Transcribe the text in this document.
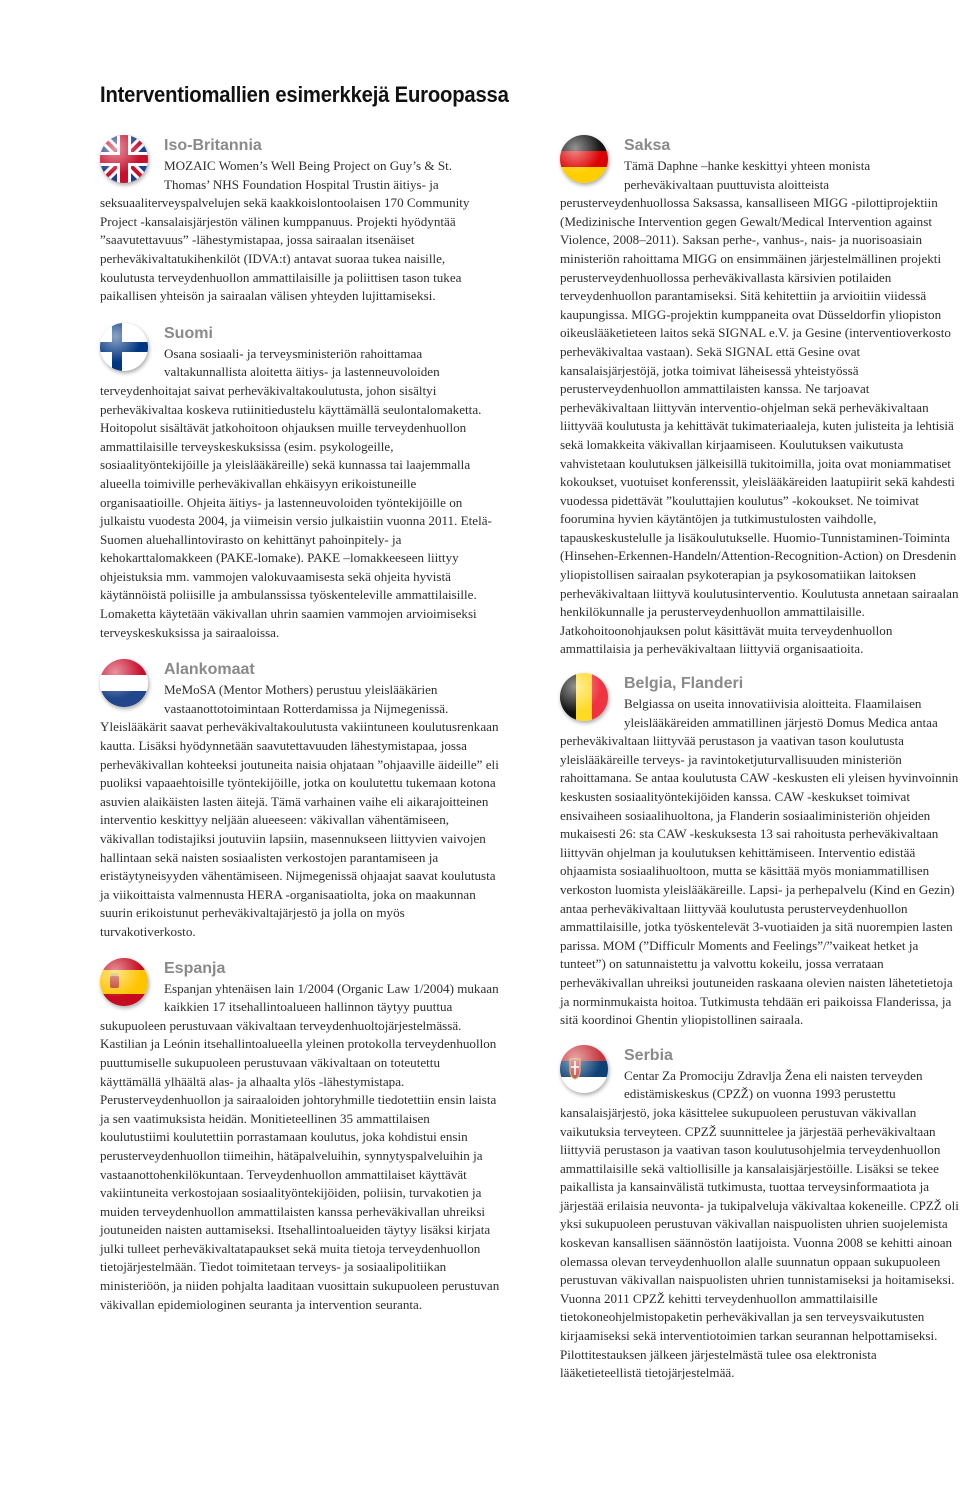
Interventiomallien esimerkkejä Euroopassa
Iso-Britannia

MOZAIC Women’s Well Being Project on Guy’s & St. Thomas’ NHS Foundation Hospital Trustin äitiys- ja seksuaaliterveyspalvelujen sekä kaakkoislontoolaisen 170 Community Project -kansalaisjärjestön välinen kumppanuus. Projekti hyödyntää ”saavutettavuus” -lähestymistapaa, jossa sairaalan itsenäiset perheväkivaltatukihenkilöt (IDVA:t) antavat suoraa tukea naisille, koulutusta terveydenhuollon ammattilaisille ja poliittisen tason tukea paikallisen yhteisön ja sairaalan välisen yhteyden lujittamiseksi.

Suomi

Osana sosiaali- ja terveysministeriön rahoittamaa valtakunnallista aloitetta äitiys- ja lastenneuvoloiden terveydenhoitajat saivat perheväkivaltakoulutusta, johon sisältyi perheväkivaltaa koskeva rutiinitiedustelu käyttämällä seulontalomaketta. Hoitopolut sisältävät jatkohoitoon ohjauksen muille terveydenhuollon ammattilaisille terveyskeskuksissa (esim. psykologeille, sosiaalityöntekijöille ja yleislääkäreille) sekä kunnassa tai laajemmalla alueella toimiville perheväkivallan ehkäisyyn erikoistuneille organisaatioille. Ohjeita äitiys- ja lastenneuvoloiden työntekijöille on julkaistu vuodesta 2004, ja viimeisin versio julkaistiin vuonna 2011. Etelä-Suomen aluehallintovirasto on kehittänyt pahoinpitely- ja kehokarttalomakkeen (PAKE-lomake). PAKE –lomakkeeseen liittyy ohjeistuksia mm. vammojen valokuvaamisesta sekä ohjeita hyvistä käytännöistä poliisille ja ambulanssissa työskenteleville ammattilaisille. Lomaketta käytetään väkivallan uhrin saamien vammojen arvioimiseksi terveyskeskuksissa ja sairaaloissa.

Alankomaat

MeMoSA (Mentor Mothers) perustuu yleislääkärien vastaanottotoimintaan Rotterdamissa ja Nijmegenissä. Yleislääkärit saavat perheväkivaltakoulutusta vakiintuneen koulutusrenkaan kautta. Lisäksi hyödynnetään saavutettavuuden lähestymistapaa, jossa perheväkivallan kohteeksi joutuneita naisia ohjataan ”ohjaaville äideille” eli puoliksi vapaaehtoisille työntekijöille, jotka on koulutettu tukemaan kotona asuvien alaikäisten lasten äitejä. Tämä varhainen vaihe eli aikarajoitteinen interventio keskittyy neljään alueeseen: väkivallan vähentämiseen, väkivallan todistajiksi joutuviin lapsiin, masennukseen liittyvien vaivojen hallintaan sekä naisten sosiaalisten verkostojen parantamiseen ja eristäytyneisyyden vähentämiseen. Nijmegenissä ohjaajat saavat koulutusta ja viikoittaista valmennusta HERA -organisaatiolta, joka on maakunnan suurin erikoistunut perheväkivaltajärjestö ja jolla on myös turvakotiverkosto.

Espanja

Espanjan yhtenäisen lain 1/2004 (Organic Law 1/2004) mukaan kaikkien 17 itsehallintoalueen hallinnon täytyy puuttua sukupuoleen perustuvaan väkivaltaan terveydenhuoltojärjestelmässä. Kastilian ja Leónin itsehallintoalueella yleinen protokolla terveydenhuollon puuttumiselle sukupuoleen perustuvaan väkivaltaan on toteutettu käyttämällä ylhäältä alas- ja alhaalta ylös -lähestymistapa. Perusterveydenhuollon ja sairaaloiden johtoryhmille tiedotettiin ensin laista ja sen vaatimuksista heidän. Monitieteellinen 35 ammattilaisen koulutustiimi koulutettiin porrastamaan koulutus, joka kohdistui ensin perusterveydenhuollon tiimeihin, hätäpalveluihin, synnytyspalveluihin ja vastaanottohenkilökuntaan. Terveydenhuollon ammattilaiset käyttävät vakiintuneita verkostojaan sosiaalityöntekijöiden, poliisin, turvakotien ja muiden terveydenhuollon ammattilaisten kanssa perheväkivallan uhreiksi joutuneiden naisten auttamiseksi. Itsehallintoalueiden täytyy lisäksi kirjata julki tulleet perheväkivaltatapaukset sekä muita tietoja terveydenhuollon tietojärjestelmään. Tiedot toimitetaan terveys- ja sosiaalipolitiikan ministeriöön, ja niiden pohjalta laaditaan vuosittain sukupuoleen perustuvan väkivallan epidemiologinen seuranta ja intervention seuranta.

Saksa

Tämä Daphne –hanke keskittyi yhteen monista perheväkivaltaan puuttuvista aloitteista perusterveydenhuollossa Saksassa, kansalliseen MIGG -pilottiprojektiin (Medizinische Intervention gegen Gewalt/Medical Intervention against Violence, 2008–2011). Saksan perhe-, vanhus-, nais- ja nuorisoasiain ministeriön rahoittama MIGG on ensimmäinen järjestelmällinen projekti perusterveydenhuollossa perheväkivallasta kärsivien potilaiden terveydenhuollon parantamiseksi. Sitä kehitettiin ja arvioitiin viidessä kaupungissa. MIGG-projektin kumppaneita ovat Düsseldorfin yliopiston oikeuslääketieteen laitos sekä SIGNAL e.V. ja Gesine (interventioverkosto perheväkivaltaa vastaan). Sekä SIGNAL että Gesine ovat kansalaisjärjestöjä, jotka toimivat läheisessä yhteistyössä perusterveydenhuollon ammattilaisten kanssa. Ne tarjoavat perheväkivaltaan liittyvän interventio-ohjelman sekä perheväkivaltaan liittyvää koulutusta ja kehittävät tukimateriaaleja, kuten julisteita ja lehtisiä sekä lomakkeita väkivallan kirjaamiseen. Koulutuksen vaikutusta vahvistetaan koulutuksen jälkeisillä tukitoimilla, joita ovat moniammatiset kokoukset, vuotuiset konferenssit, yleislääkäreiden laatupiirit sekä kahdesti vuodessa pidettävät ”kouluttajien koulutus” -kokoukset. Ne toimivat foorumina hyvien käytäntöjen ja tutkimustulosten vaihdolle, tapauskeskustelulle ja lisäkoulutukselle. Huomio-Tunnistaminen-Toiminta (Hinsehen-Erkennen-Handeln/Attention-Recognition-Action) on Dresdenin yliopistollisen sairaalan psykoterapian ja psykosomatiikan laitoksen perheväkivaltaan liittyvä koulutusinterventio. Koulutusta annetaan sairaalan henkilökunnalle ja perusterveydenhuollon ammattilaisille. Jatkohoitoonohjauksen polut käsittävät muita terveydenhuollon ammattilaisia ja perheväkivaltaan liittyviä organisaatioita.

Belgia, Flanderi

Belgiassa on useita innovatiivisia aloitteita. Flaamilaisen yleislääkäreiden ammatillinen järjestö Domus Medica antaa perheväkivaltaan liittyvää perustason ja vaativan tason koulutusta yleislääkäreille terveys- ja ravintoketjuturvallisuuden ministeriön rahoittamana. Se antaa koulutusta CAW -keskusten eli yleisen hyvinvoinnin keskusten sosiaalityöntekijöiden kanssa. CAW -keskukset toimivat ensivaiheen sosiaalihuoltona, ja Flanderin sosiaaliministeriön ohjeiden mukaisesti 26: sta CAW -keskuksesta 13 sai rahoitusta perheväkivaltaan liittyvän ohjelman ja koulutuksen kehittämiseen. Interventio edistää ohjaamista sosiaalihuoltoon, mutta se käsittää myös moniammatillisen verkoston luomista yleislääkäreille. Lapsi- ja perhepalvelu (Kind en Gezin) antaa perheväkivaltaan liittyvää koulutusta perusterveydenhuollon ammattilaisille, jotka työskentelevät 3-vuotiaiden ja sitä nuorempien lasten parissa. MOM (”Difficulr Moments and Feelings”/”vaikeat hetket ja tunteet”) on satunnaistettu ja valvottu kokeilu, jossa verrataan perheväkivallan uhreiksi joutuneiden raskaana olevien naisten lähetetietoja ja norminmukaista hoitoa. Tutkimusta tehdään eri paikoissa Flanderissa, ja sitä koordinoi Ghentin yliopistollinen sairaala.

Serbia

Centar Za Promociju Zdravlja Žena eli naisten terveyden edistämiskeskus (CPZŽ) on vuonna 1993 perustettu kansalaisjärjestö, joka käsittelee sukupuoleen perustuvan väkivallan vaikutuksia terveyteen. CPZŽ suunnittelee ja järjestää perheväkivaltaan liittyviä perustason ja vaativan tason koulutusohjelmia terveydenhuollon ammattilaisille sekä valtiollisille ja kansalaisjärjestöille. Lisäksi se tekee paikallista ja kansainvälistä tutkimusta, tuottaa terveysinformaatiota ja järjestää erilaisia neuvonta- ja tukipalveluja väkivaltaa kokeneille. CPZŽ oli yksi sukupuoleen perustuvan väkivallan naispuolisten uhrien suojelemista koskevan kansallisen säännöstön laatijoista. Vuonna 2008 se kehitti ainoan olemassa olevan terveydenhuollon alalle suunnatun oppaan sukupuoleen perustuvan väkivallan naispuolisten uhrien tunnistamiseksi ja hoitamiseksi. Vuonna 2011 CPZŽ kehitti terveydenhuollon ammattilaisille tietokoneohjelmistopaketin perheväkivallan ja sen terveysvaikutusten kirjaamiseksi sekä interventiotoimien tarkan seurannan helpottamiseksi. Pilottitestauksen jälkeen järjestelmästä tulee osa elektronista lääketieteellistä tietojärjestelmää.
